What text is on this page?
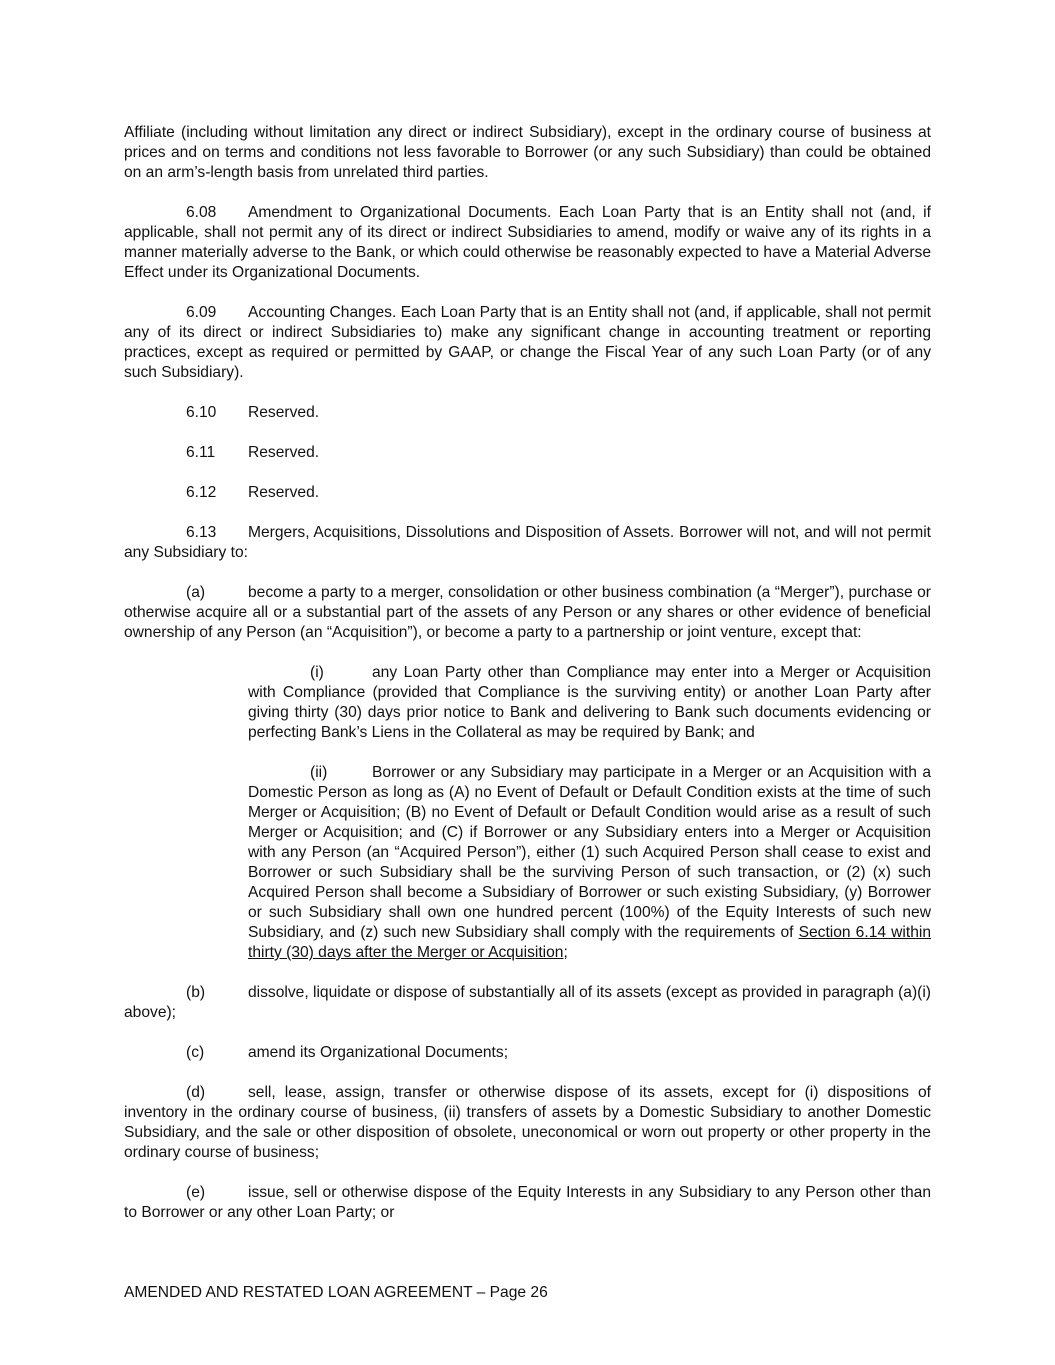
Affiliate (including without limitation any direct or indirect Subsidiary), except in the ordinary course of business at prices and on terms and conditions not less favorable to Borrower (or any such Subsidiary) than could be obtained on an arm’s-length basis from unrelated third parties.

6.08 Amendment to Organizational Documents. Each Loan Party that is an Entity shall not (and, if applicable, shall not permit any of its direct or indirect Subsidiaries to amend, modify or waive any of its rights in a manner materially adverse to the Bank, or which could otherwise be reasonably expected to have a Material Adverse Effect under its Organizational Documents.

6.09 Accounting Changes. Each Loan Party that is an Entity shall not (and, if applicable, shall not permit any of its direct or indirect Subsidiaries to) make any significant change in accounting treatment or reporting practices, except as required or permitted by GAAP, or change the Fiscal Year of any such Loan Party (or of any such Subsidiary).

6.10 Reserved.

6.11 Reserved.

6.12 Reserved.

6.13 Mergers, Acquisitions, Dissolutions and Disposition of Assets. Borrower will not, and will not permit any Subsidiary to:

(a)	become a party to a merger, consolidation or other business combination (a “Merger”), purchase or otherwise acquire all or a substantial part of the assets of any Person or any shares or other evidence of beneficial ownership of any Person (an “Acquisition”), or become a party to a partnership or joint venture, except that:

(i)	any Loan Party other than Compliance may enter into a Merger or Acquisition with Compliance (provided that Compliance is the surviving entity) or another Loan Party after giving thirty (30) days prior notice to Bank and delivering to Bank such documents evidencing or perfecting Bank’s Liens in the Collateral as may be required by Bank; and

(ii)	Borrower or any Subsidiary may participate in a Merger or an Acquisition with a Domestic Person as long as (A) no Event of Default or Default Condition exists at the time of such Merger or Acquisition; (B) no Event of Default or Default Condition would arise as a result of such Merger or Acquisition; and (C) if Borrower or any Subsidiary enters into a Merger or Acquisition with any Person (an “Acquired Person”), either (1) such Acquired Person shall cease to exist and Borrower or such Subsidiary shall be the surviving Person of such transaction, or (2) (x) such Acquired Person shall become a Subsidiary of Borrower or such existing Subsidiary, (y) Borrower or such Subsidiary shall own one hundred percent (100%) of the Equity Interests of such new Subsidiary, and (z) such new Subsidiary shall comply with the requirements of Section 6.14 within thirty (30) days after the Merger or Acquisition;

(b)	dissolve, liquidate or dispose of substantially all of its assets (except as provided in paragraph (a)(i) above);

(c)	amend its Organizational Documents;

(d)	sell, lease, assign, transfer or otherwise dispose of its assets, except for (i) dispositions of inventory in the ordinary course of business, (ii) transfers of assets by a Domestic Subsidiary to another Domestic Subsidiary, and the sale or other disposition of obsolete, uneconomical or worn out property or other property in the ordinary course of business;

(e)	issue, sell or otherwise dispose of the Equity Interests in any Subsidiary to any Person other than to Borrower or any other Loan Party; or

AMENDED AND RESTATED LOAN AGREEMENT – Page 26
